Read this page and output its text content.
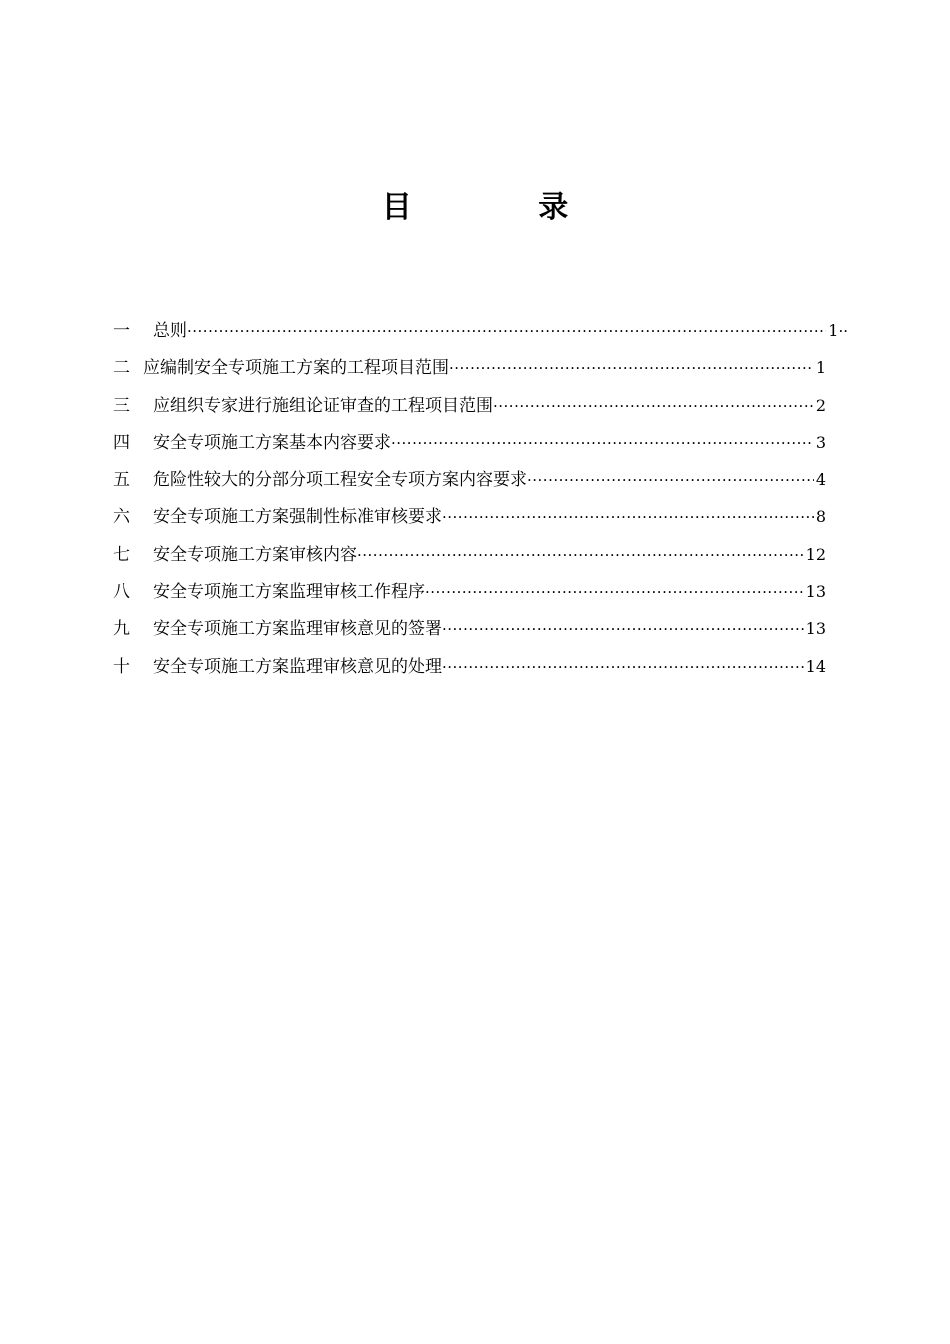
目 录
一	总则 ·····	1
··
二 应编制安全专项施工方案的工程项目范围 ·····	1
三	应组织专家进行施组论证审查的工程项目范围 ·····	2
四	安全专项施工方案基本内容要求 ·····	3
五	危险性较大的分部分项工程安全专项方案内容要求 ·····	4
六	安全专项施工方案强制性标准审核要求 ·····	8
七	安全专项施工方案审核内容 ·····	12
八	安全专项施工方案监理审核工作程序 ·····	13
九	安全专项施工方案监理审核意见的签署 ·····	13
十	安全专项施工方案监理审核意见的处理 ·····	14
